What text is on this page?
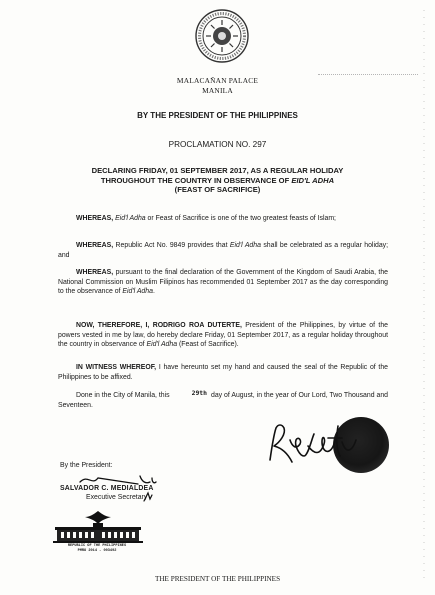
MALACAÑAN PALACE
MANILA
BY THE PRESIDENT OF THE PHILIPPINES
PROCLAMATION NO. 297
DECLARING FRIDAY, 01 SEPTEMBER 2017, AS A REGULAR HOLIDAY
THROUGHOUT THE COUNTRY IN OBSERVANCE OF EID'L ADHA
(FEAST OF SACRIFICE)
WHEREAS, Eid'l Adha or Feast of Sacrifice is one of the two greatest feasts of Islam;
WHEREAS, Republic Act No. 9849 provides that Eid'l Adha shall be celebrated as a regular holiday; and
WHEREAS, pursuant to the final declaration of the Government of the Kingdom of Saudi Arabia, the National Commission on Muslim Filipinos has recommended 01 September 2017 as the day corresponding to the observance of Eid'l Adha.
NOW, THEREFORE, I, RODRIGO ROA DUTERTE, President of the Philippines, by virtue of the powers vested in me by law, do hereby declare Friday, 01 September 2017, as a regular holiday throughout the country in observance of Eid'l Adha (Feast of Sacrifice).
IN WITNESS WHEREOF, I have hereunto set my hand and caused the seal of the Republic of the Philippines to be affixed.
Done in the City of Manila, this	29th day of August, in the year of Our Lord, Two Thousand and Seventeen.
By the President:
SALVADOR C. MEDIALDEA
Executive Secretary
REPUBLIC OF THE PHILIPPINES
PMRO 2014 - 003492
THE PRESIDENT OF THE PHILIPPINES
